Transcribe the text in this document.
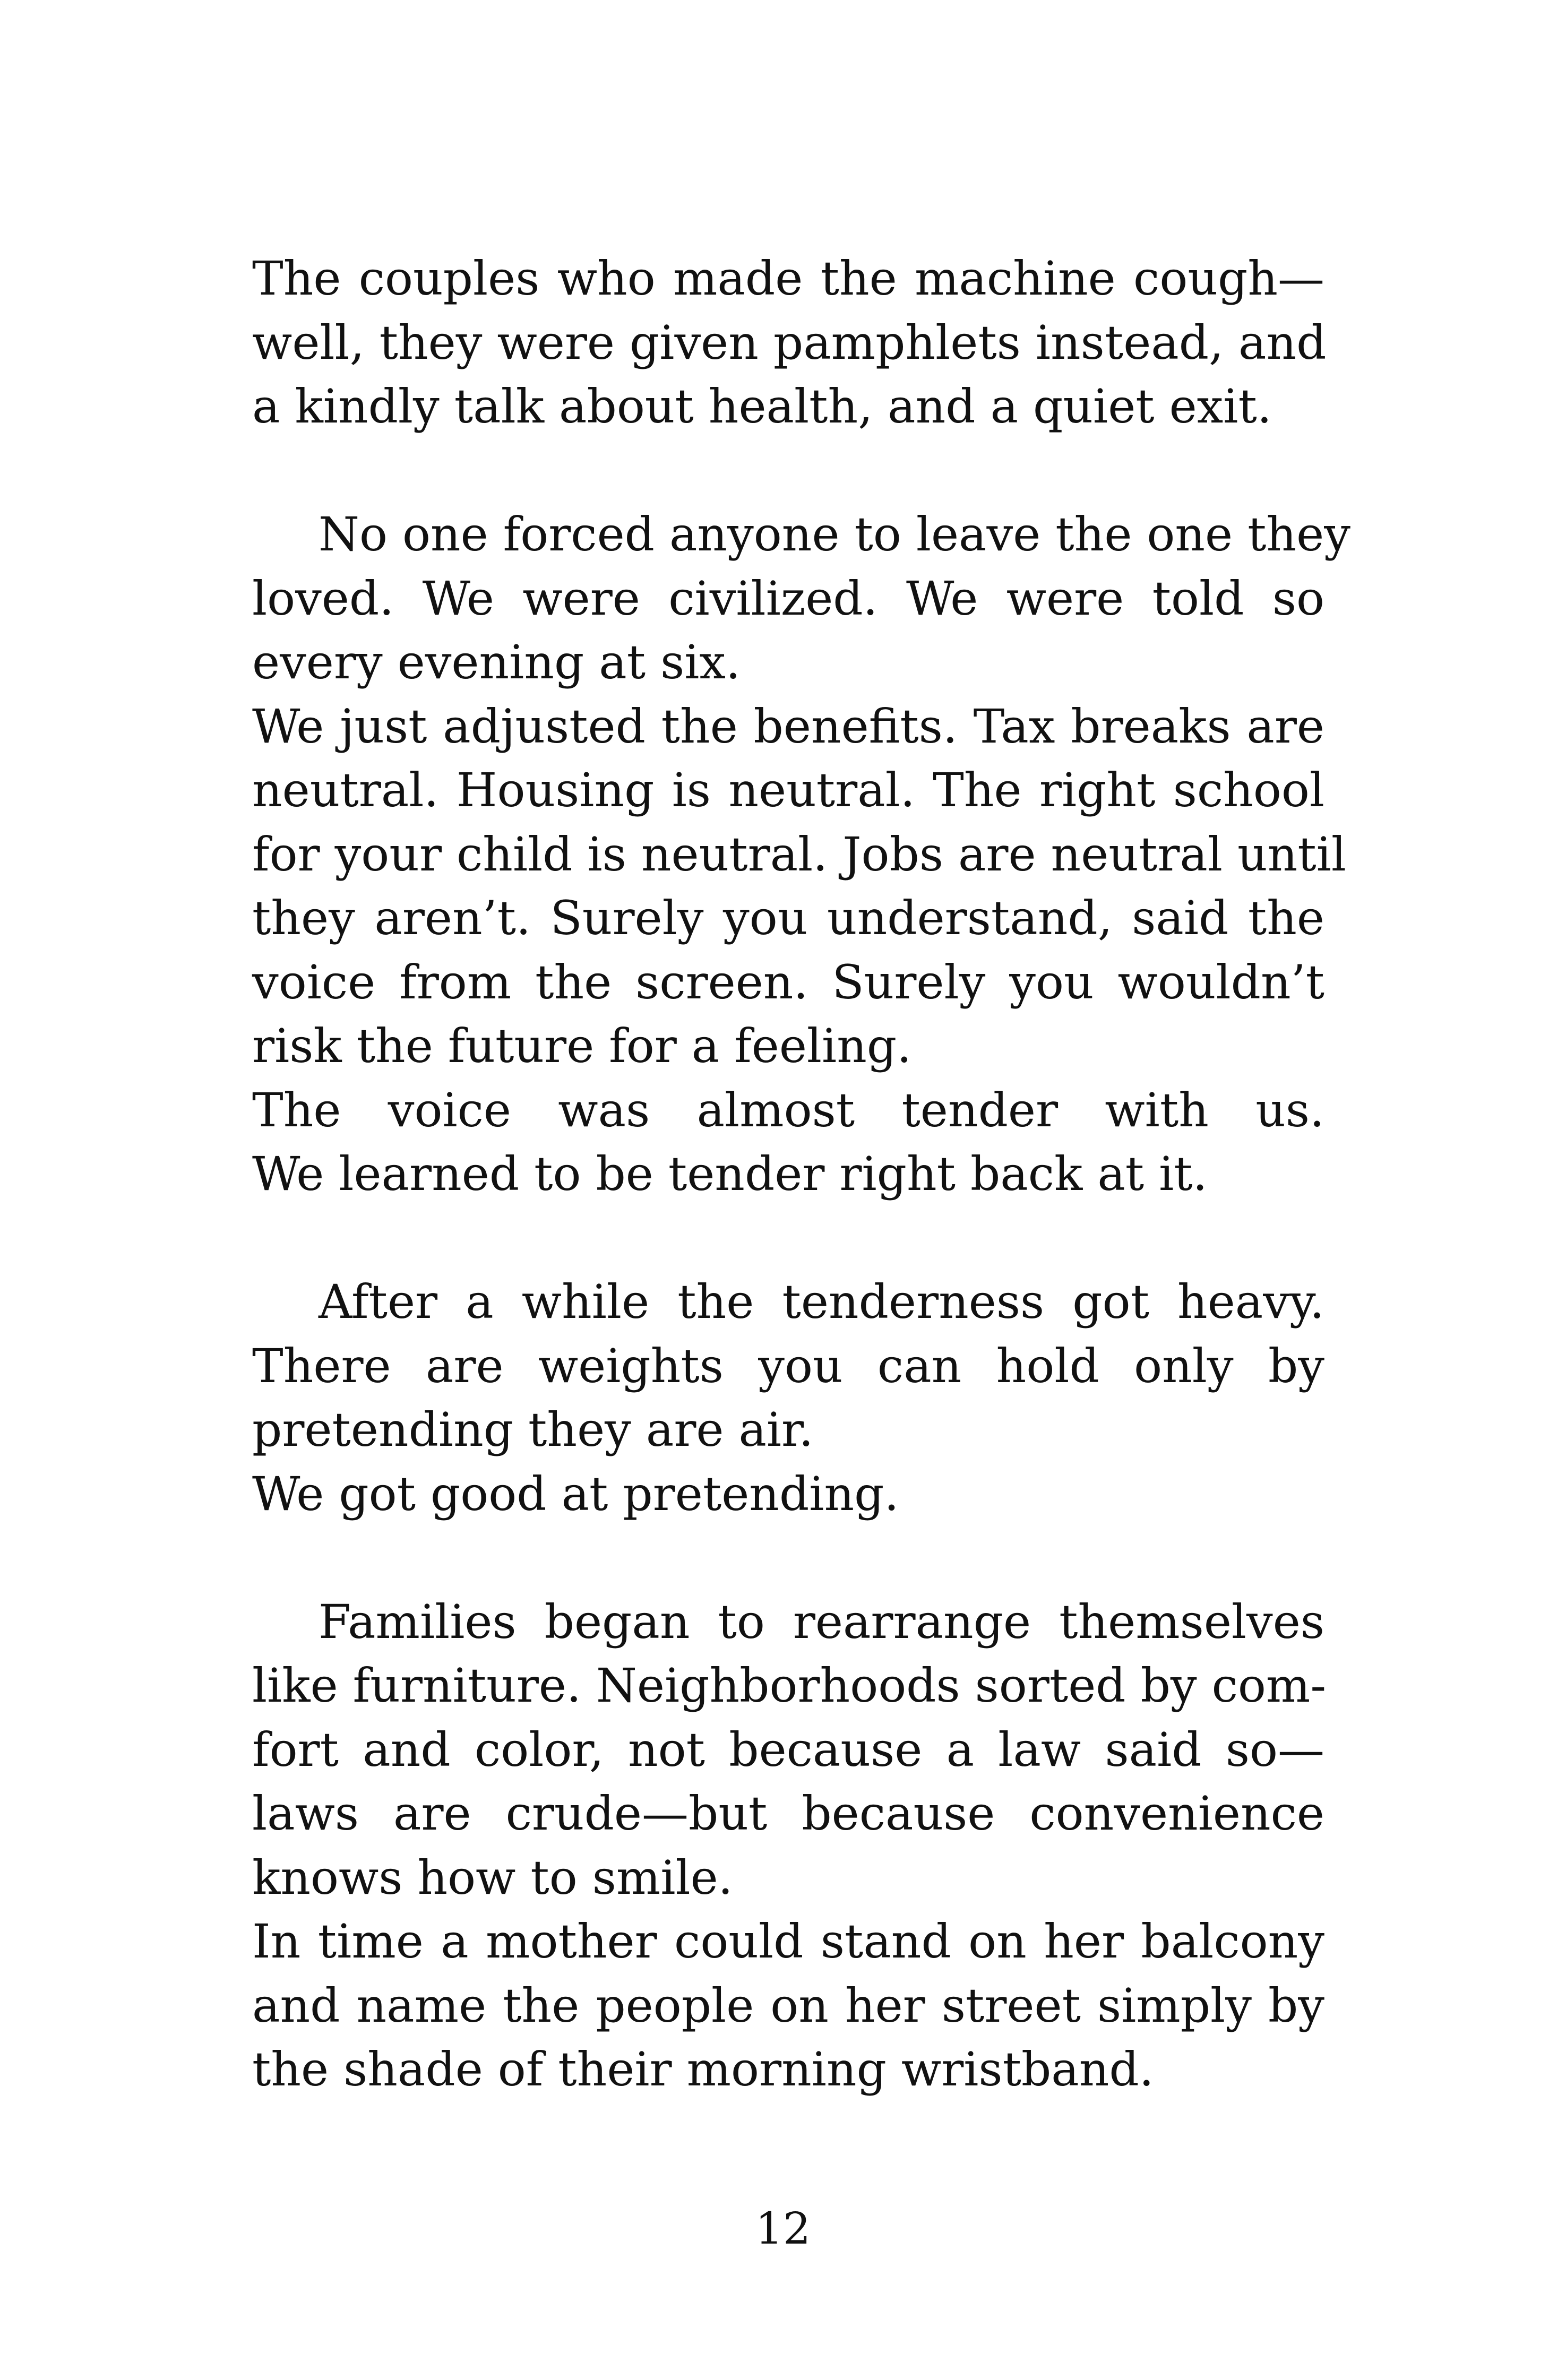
The couples who made the machine cough—
well, they were given pamphlets instead, and
a kindly talk about health, and a quiet exit.
No one forced anyone to leave the one they
loved. We were civilized. We were told so
every evening at six.
We just adjusted the benefits. Tax breaks are
neutral. Housing is neutral. The right school
for your child is neutral. Jobs are neutral until
they aren’t. Surely you understand, said the
voice from the screen. Surely you wouldn’t
risk the future for a feeling.
The voice was almost tender with us.
We learned to be tender right back at it.
After a while the tenderness got heavy.
There are weights you can hold only by
pretending they are air.
We got good at pretending.
Families began to rearrange themselves
like furniture. Neighborhoods sorted by com-
fort and color, not because a law said so—
laws are crude—but because convenience
knows how to smile.
In time a mother could stand on her balcony
and name the people on her street simply by
the shade of their morning wristband.
12
